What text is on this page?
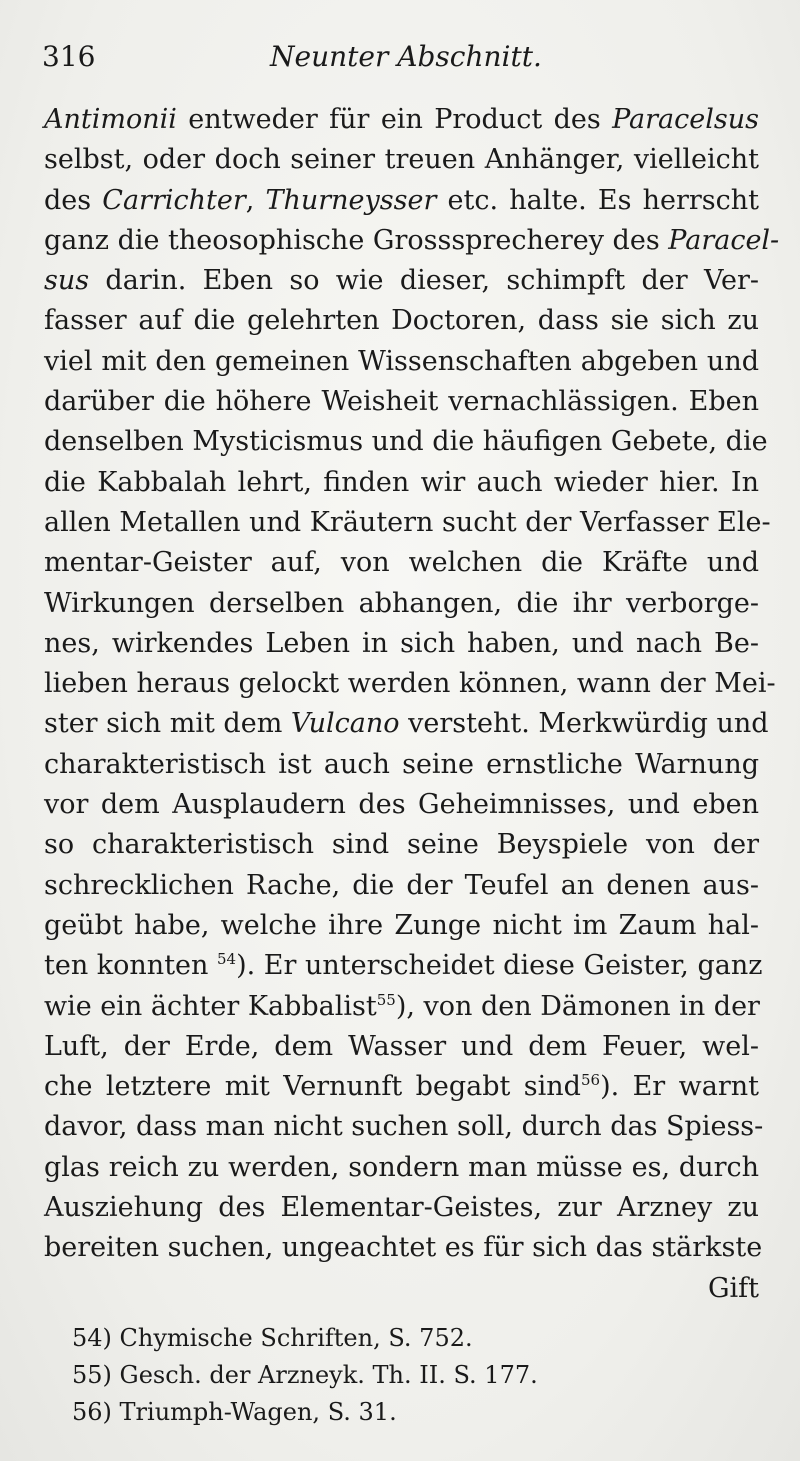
316	Neunter Abschnitt.
Antimonii entweder für ein Product des Paracelsus
selbst, oder doch seiner treuen Anhänger, vielleicht
des Carrichter, Thurneysser etc. halte. Es herrscht
ganz die theosophische Grosssprecherey des Paracel-
sus darin. Eben so wie dieser, schimpft der Ver-
fasser auf die gelehrten Doctoren, dass sie sich zu
viel mit den gemeinen Wissenschaften abgeben und
darüber die höhere Weisheit vernachlässigen. Eben
denselben Mysticismus und die häufigen Gebete, die
die Kabbalah lehrt, finden wir auch wieder hier. In
allen Metallen und Kräutern sucht der Verfasser Ele-
mentar-Geister auf, von welchen die Kräfte und
Wirkungen derselben abhangen, die ihr verborge-
nes, wirkendes Leben in sich haben, und nach Be-
lieben heraus gelockt werden können, wann der Mei-
ster sich mit dem Vulcano versteht. Merkwürdig und
charakteristisch ist auch seine ernstliche Warnung
vor dem Ausplaudern des Geheimnisses, und eben
so charakteristisch sind seine Beyspiele von der
schrecklichen Rache, die der Teufel an denen aus-
geübt habe, welche ihre Zunge nicht im Zaum hal-
ten konnten $^{54}$). Er unterscheidet diese Geister, ganz
wie ein ächter Kabbalist$^{55}$), von den Dämonen in der
Luft, der Erde, dem Wasser und dem Feuer, wel-
che letztere mit Vernunft begabt sind$^{56}$). Er warnt
davor, dass man nicht suchen soll, durch das Spiess-
glas reich zu werden, sondern man müsse es, durch
Ausziehung des Elementar-Geistes, zur Arzney zu
bereiten suchen, ungeachtet es für sich das stärkste
Gift
54) Chymische Schriften, S. 752.
55) Gesch. der Arzneyk. Th. II. S. 177.
56) Triumph-Wagen, S. 31.
